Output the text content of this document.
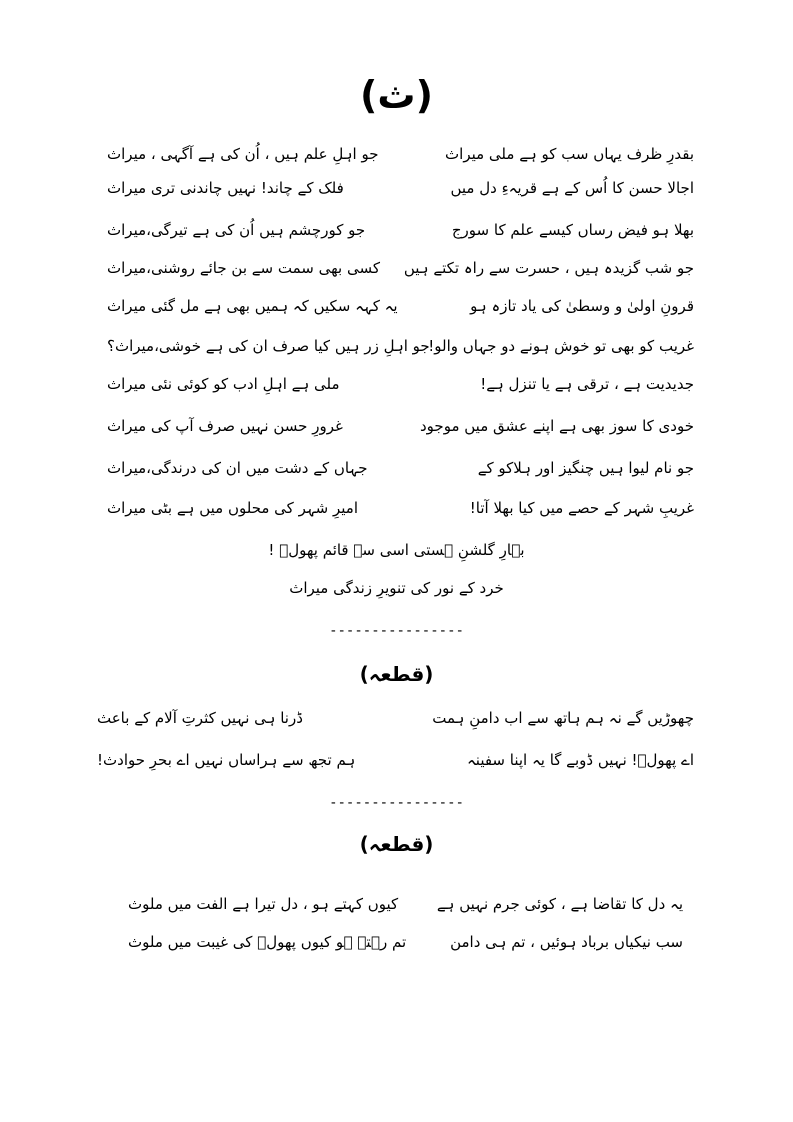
(ث)
بقدرِ ظرف یہاں سب کو ہے ملی میراث
جو اہلِ علم ہیں ، اُن کی ہے آگہی ، میراث
اجالا حسن کا اُس کے ہے قریہءِ دل میں
فلک کے چاند! نہیں چاندنی تری میراث
بھلا ہو فیض رساں کیسے علم کا سورج
جو کورچشم ہیں اُن کی ہے تیرگی،میراث
جو شب گزیدہ ہیں ، حسرت سے راہ تکتے ہیں
کسی بھی سمت سے بن جائے روشنی،میراث
قرونِ اولیٰ و وسطیٰ کی یاد تازہ ہو
یہ کہہ سکیں کہ ہمیں بھی ہے مل گئی میراث
غریب کو بھی تو خوش ہونے دو جہاں والو!
جو اہلِ زر ہیں کیا صرف ان کی ہے خوشی،میراث؟
جدیدیت ہے ، ترقی ہے یا تنزل ہے!
ملی ہے اہلِ ادب کو کوئی نئی میراث
خودی کا سوز بھی ہے اپنے عشق میں موجود
غرورِ حسن نہیں صرف آپ کی میراث
جو نام لیوا ہیں چنگیز اور ہلاکو کے
جہاں کے دشت میں ان کی درندگی،میراث
غریبِ شہر کے حصے میں کیا بھلا آتا!
امیرِ شہر کی محلوں میں ہے بٹی میراث
بہارِ گلشنِ ہستی اسی سے قائم پھولؔ !
خرد کے نور کی تنویرِ زندگی میراث
----------------
(قطعہ)
چھوڑیں گے نہ ہم ہاتھ سے اب دامنِ ہمت
ڈرنا ہی نہیں کثرتِ آلام کے باعث
اے پھولؔ! نہیں ڈوبے گا یہ اپنا سفینہ
ہم تجھ سے ہراساں نہیں اے بحرِ حوادث!
----------------
(قطعہ)
یہ دل کا تقاضا ہے ، کوئی جرم نہیں ہے
کیوں کہتے ہو ، دل تیرا ہے الفت میں ملوث
سب نیکیاں برباد ہوئیں ، تم ہی دامن
تم رہتے ہو کیوں پھولؔ کی غیبت میں ملوث
